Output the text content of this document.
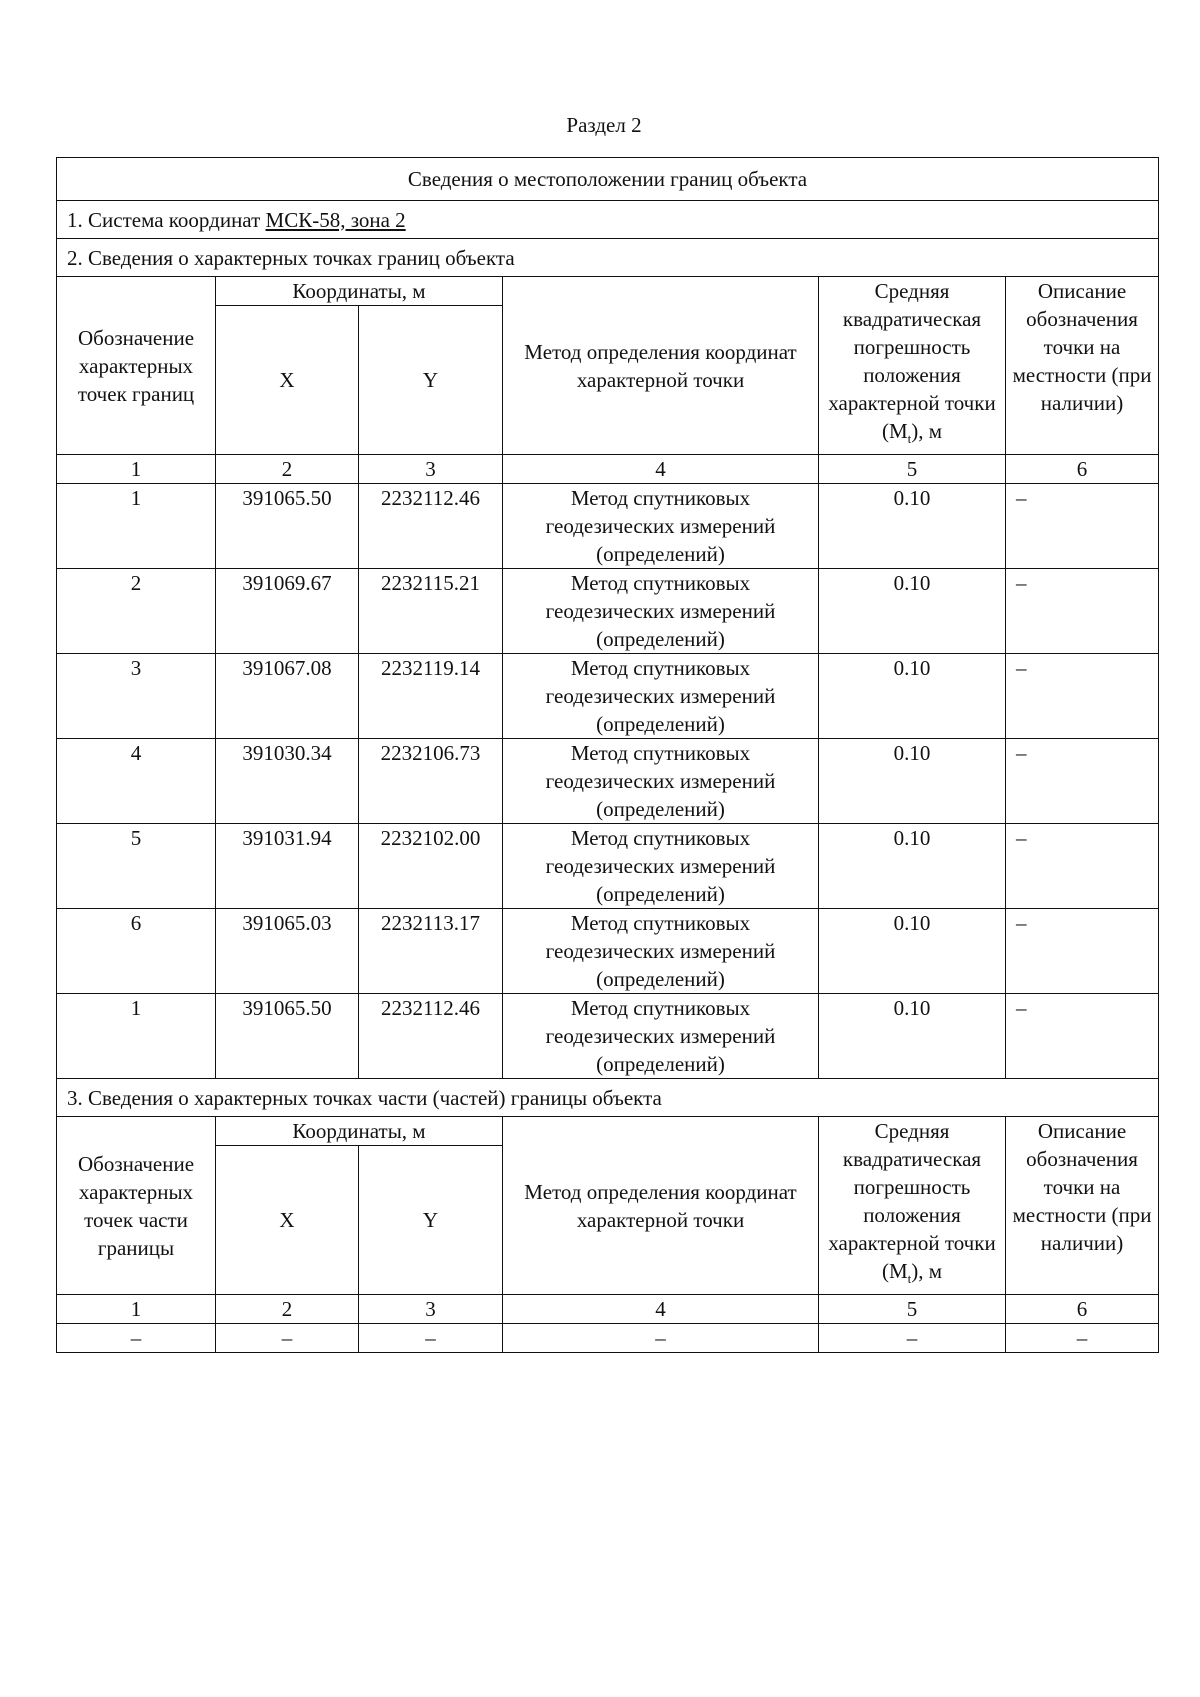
Раздел 2
Сведения о местоположении границ объекта					
1. Система координат МСК-58, зона 2					
2. Сведения о характерных точках границ объекта					
Обозначение характерных точек границ	Координаты, м		Метод определения координат характерной точки	Средняя квадратическая погрешность положения характерной точки $(M_t)$, м	Описание обозначения точки на местности (при наличии)
	X	Y			
1	2	3	4	5	6
1	391065.50	2232112.46	Метод спутниковых геодезических измерений (определений)	0.10	–
2	391069.67	2232115.21	Метод спутниковых геодезических измерений (определений)	0.10	–
3	391067.08	2232119.14	Метод спутниковых геодезических измерений (определений)	0.10	–
4	391030.34	2232106.73	Метод спутниковых геодезических измерений (определений)	0.10	–
5	391031.94	2232102.00	Метод спутниковых геодезических измерений (определений)	0.10	–
6	391065.03	2232113.17	Метод спутниковых геодезических измерений (определений)	0.10	–
1	391065.50	2232112.46	Метод спутниковых геодезических измерений (определений)	0.10	–
3. Сведения о характерных точках части (частей) границы объекта					
Обозначение характерных точек части границы	Координаты, м		Метод определения координат характерной точки	Средняя квадратическая погрешность положения характерной точки $(M_t)$, м	Описание обозначения точки на местности (при наличии)
	X	Y			
1	2	3	4	5	6
–	–	–	–	–	–
